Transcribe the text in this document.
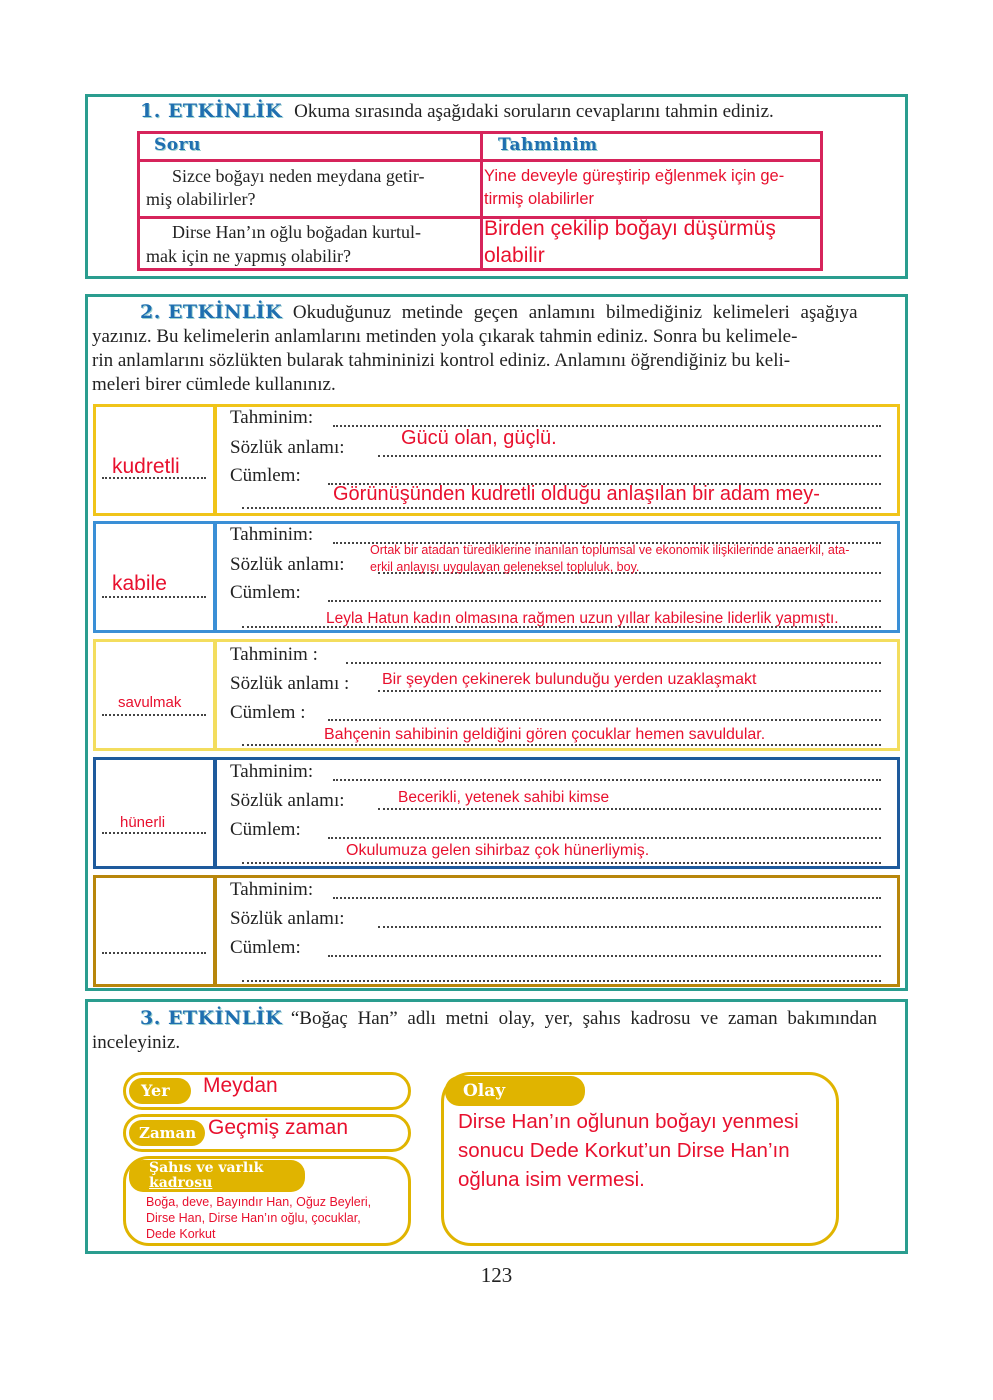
1. ETKİNLİK Okuma sırasında aşağıdaki soruların cevaplarını tahmin ediniz.
Soru	Tahminim
Sizce boğayı neden meydana getir-
miş olabilirler?
Yine deveyle güreştirip eğlenmek için ge-
tirmiş olabilirler
Dirse Han’ın oğlu boğadan kurtul-
mak için ne yapmış olabilir?
Birden çekilip boğayı düşürmüş
olabilir
2. ETKİNLİK Okuduğunuz metinde geçen anlamını bilmediğiniz kelimeleri aşağıya
yazınız. Bu kelimelerin anlamlarını metinden yola çıkarak tahmin ediniz. Sonra bu kelimele-
rin anlamlarını sözlükten bularak tahmininizi kontrol ediniz. Anlamını öğrendiğiniz bu keli-
meleri birer cümlede kullanınız.
kudretli
Tahminim:
Sözlük anlamı:	Gücü olan, güçlü.
Cümlem:
Görünüşünden kudretli olduğu anlaşılan bir adam mey-
kabile
Tahminim:
Sözlük anlamı:
Ortak bir atadan türediklerine inanılan toplumsal ve ekonomik ilişkilerinde anaerkil, ata-
erkil anlayışı uygulayan geleneksel topluluk, boy.
Cümlem:
Leyla Hatun kadın olmasına rağmen uzun yıllar kabilesine liderlik yapmıştı.
savulmak
Tahminim :
Sözlük anlamı : Bir şeyden çekinerek bulunduğu yerden uzaklaşmakt
Cümlem :
Bahçenin sahibinin geldiğini gören çocuklar hemen savuldular.
hünerli
Tahminim:
Sözlük anlamı:	Becerikli, yetenek sahibi kimse
Cümlem:
Okulumuza gelen sihirbaz çok hünerliymiş.
Tahminim:
Sözlük anlamı:
Cümlem:
3. ETKİNLİK “Boğaç Han” adlı metni olay, yer, şahıs kadrosu ve zaman bakımından
inceleyiniz.
Yer	Meydan
Zaman Geçmiş zaman
Şahıs ve varlık
kadrosu
Boğa, deve, Bayındır Han, Oğuz Beyleri,
Dirse Han, Dirse Han’ın oğlu, çocuklar,
Dede Korkut
Olay
Dirse Han’ın oğlunun boğayı yenmesi
sonucu Dede Korkut’un Dirse Han’ın
oğluna isim vermesi.
123
